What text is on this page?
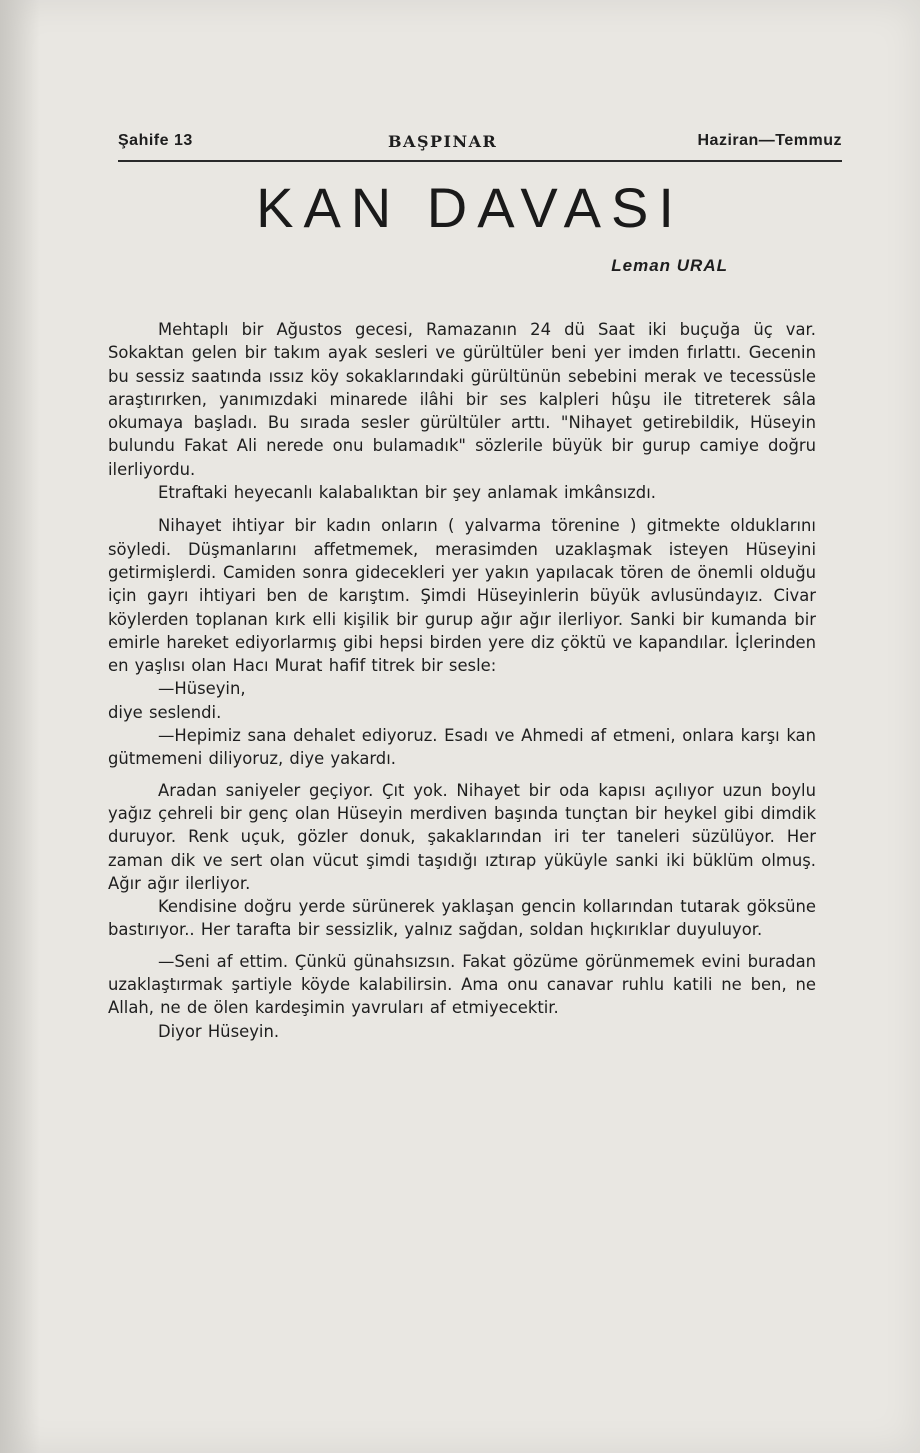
Şahife 13	BAŞPINAR	Haziran—Temmuz
KAN DAVASI
Leman URAL

Mehtaplı bir Ağustos gecesi, Ramazanın 24 dü Saat iki buçuğa üç var. Sokaktan gelen bir takım ayak sesleri ve gürültüler beni yer imden fırlattı. Gecenin bu sessiz saatında ıssız köy sokaklarındaki gürültünün sebebini merak ve tecessüsle araştırırken, yanımızdaki minarede ilâhi bir ses kalpleri hûşu ile titreterek sâla okumaya başladı. Bu sırada sesler gürültüler arttı. "Nihayet getirebildik, Hüseyin bulundu Fakat Ali nerede onu bulamadık" sözlerile büyük bir gurup camiye doğru ilerliyordu.

Etraftaki heyecanlı kalabalıktan bir şey anlamak imkânsızdı.

Nihayet ihtiyar bir kadın onların ( yalvarma törenine ) gitmekte olduklarını söyledi. Düşmanlarını affetmemek, merasimden uzaklaşmak isteyen Hüseyini getirmişlerdi. Camiden sonra gidecekleri yer yakın yapılacak tören de önemli olduğu için gayrı ihtiyari ben de karıştım. Şimdi Hüseyinlerin büyük avlusündayız. Civar köylerden toplanan kırk elli kişilik bir gurup ağır ağır ilerliyor. Sanki bir kumanda bir emirle hareket ediyorlarmış gibi hepsi birden yere diz çöktü ve kapandılar. İçlerinden en yaşlısı olan Hacı Murat hafif titrek bir sesle:

—Hüseyin,

diye seslendi.

—Hepimiz sana dehalet ediyoruz. Esadı ve Ahmedi af etmeni, onlara karşı kan gütmemeni diliyoruz, diye yakardı.

Aradan saniyeler geçiyor. Çıt yok. Nihayet bir oda kapısı açılıyor uzun boylu yağız çehreli bir genç olan Hüseyin merdiven başında tunçtan bir heykel gibi dimdik duruyor. Renk uçuk, gözler donuk, şakaklarından iri ter taneleri süzülüyor. Her zaman dik ve sert olan vücut şimdi taşıdığı ıztırap yüküyle sanki iki büklüm olmuş. Ağır ağır ilerliyor.

Kendisine doğru yerde sürünerek yaklaşan gencin kollarından tutarak göksüne bastırıyor.. Her tarafta bir sessizlik, yalnız sağdan, soldan hıçkırıklar duyuluyor.

—Seni af ettim. Çünkü günahsızsın. Fakat gözüme görünmemek evini buradan uzaklaştırmak şartiyle köyde kalabilirsin. Ama onu canavar ruhlu katili ne ben, ne Allah, ne de ölen kardeşimin yavruları af etmiyecektir.

Diyor Hüseyin.
